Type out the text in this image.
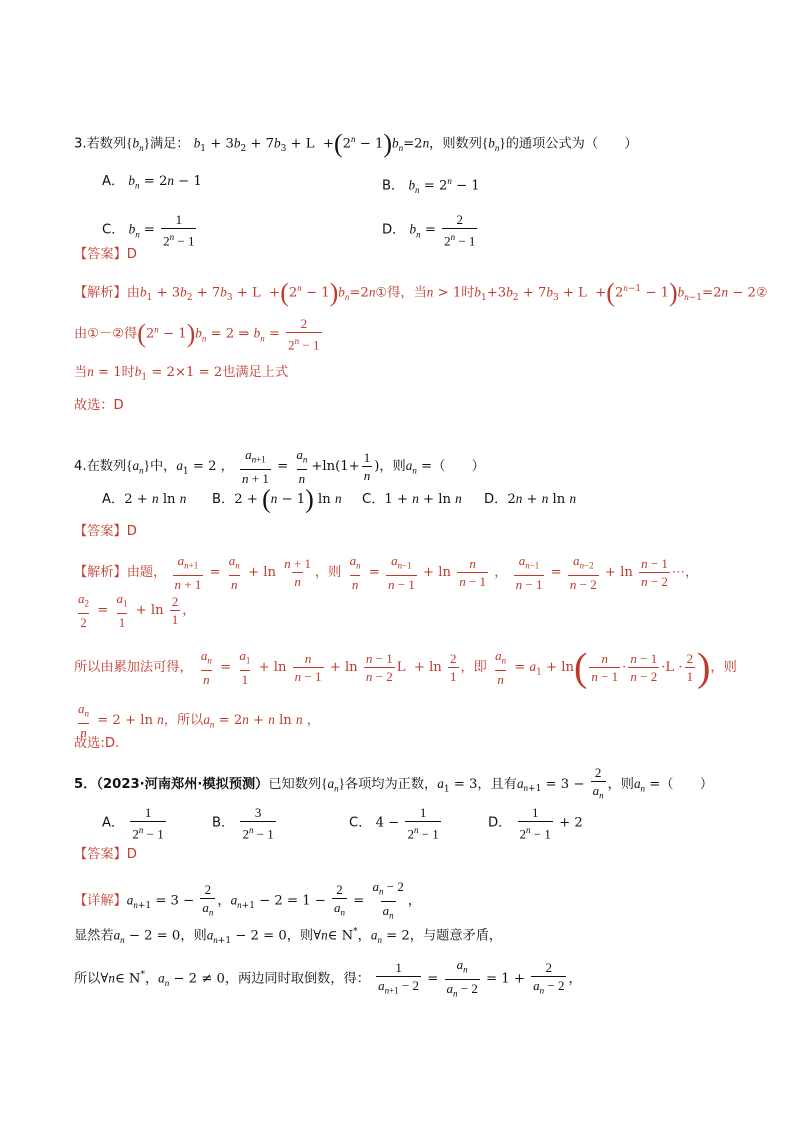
3.若数列$\{b_n\}$满足： $b_1 + 3b_2 + 7b_3 + L +(2^n - 1)b_n=2n$，则数列$\{b_n\}$的通项公式为（　　）
A． $b_n = 2n - 1$	B． $b_n = 2^n - 1$
C． $b_n = \frac{1}{2^n - 1}$	D． $b_n = \frac{2}{2^n - 1}$
【答案】D
【解析】由$b_1 + 3b_2 + 7b_3 + L +(2^n$ − $1)b_n=2n①$得，当n > 1时$b_1+3b_2 + 7b_3 + L +(2^{n-1} - 1)b_{n-1}=2n$ − 2②
由①－②得$(2^n - 1)b_n = 2$ ⇒ $b_n = \frac{2}{2^n - 1}$
当n = 1时$b_1 = 2\times 1 = 2$也满足上式
故选：D
4.在数列$\{a_n\}$中，$a_1 = 2$ ， $\frac{a_{n+1}}{n + 1} = \frac{a_n}{n} +\ln(1+ \frac{1}{n}$ )，则$a_n$ =（　　）
A．2 + n ln n B．2 + (n − 1) ln n C．1 + n + ln n D．2n + n ln n
【答案】D
【解析】由题， $\frac{a_{n+1}}{n + 1} = \frac{a_n}{n} + \ln \frac{n + 1}{n}$ ，则 $\frac{a_n}{n} = \frac{a_{n-1}}{n - 1} + \ln \frac{n}{n - 1}$ ， $\frac{a_{n-1}}{n - 1} = \frac{a_{n-2}}{n - 2} + \ln \frac{n - 1}{n - 2}$ ⋯，
$\frac{a_2}{2} = \frac{a_1}{1} + \ln \frac{2}{1}$ ，
所以由累加法可得， $\frac{a_n}{n} = \frac{a_1}{1} + \ln \frac{n}{n - 1} + \ln \frac{n - 1}{n - 2}$ $L + \ln \frac{2}{1}$ ，即 $\frac{a_n}{n} = a_1 + \ln( \frac{n}{n - 1} \cdot \frac{n - 1}{n - 2} \cdot L \cdot \frac{2}{1}$ )，则
$\frac{a_n}{n} = 2 + \ln n$，所以$a_n = 2n + n$ ln n ，
故选:D.
5．（2023·河南郑州·模拟预测）已知数列$\{a_n\}$各项均为正数，$a_1 = 3$，且有$a_{n+1} = 3 - \frac{2}{a_n}$ ，则$a_n$ =（　　）
A． $\frac{1}{2^n - 1}$	B． $\frac{3}{2^n - 1}$	C． $4 - \frac{1}{2^n - 1}$	D． $\frac{1}{2^n - 1} + 2$
【答案】D
【详解】$a_{n+1} = 3 - \frac{2}{a_n}$ ，$a_{n+1} - 2 = 1 - \frac{2}{a_n} = \frac{a_n - 2}{a_n}$ ，
显然若$a_n - 2 = 0$，则$a_{n+1} - 2 = 0$，则∀n∈ N*，$a_n = 2$，与题意矛盾，
所以∀n∈ N*，$a_n - 2 \ne 0$，两边同时取倒数，得： $\frac{1}{a_{n+1} - 2} = \frac{a_n}{a_n - 2} = 1 + \frac{2}{a_n - 2}$ ，
